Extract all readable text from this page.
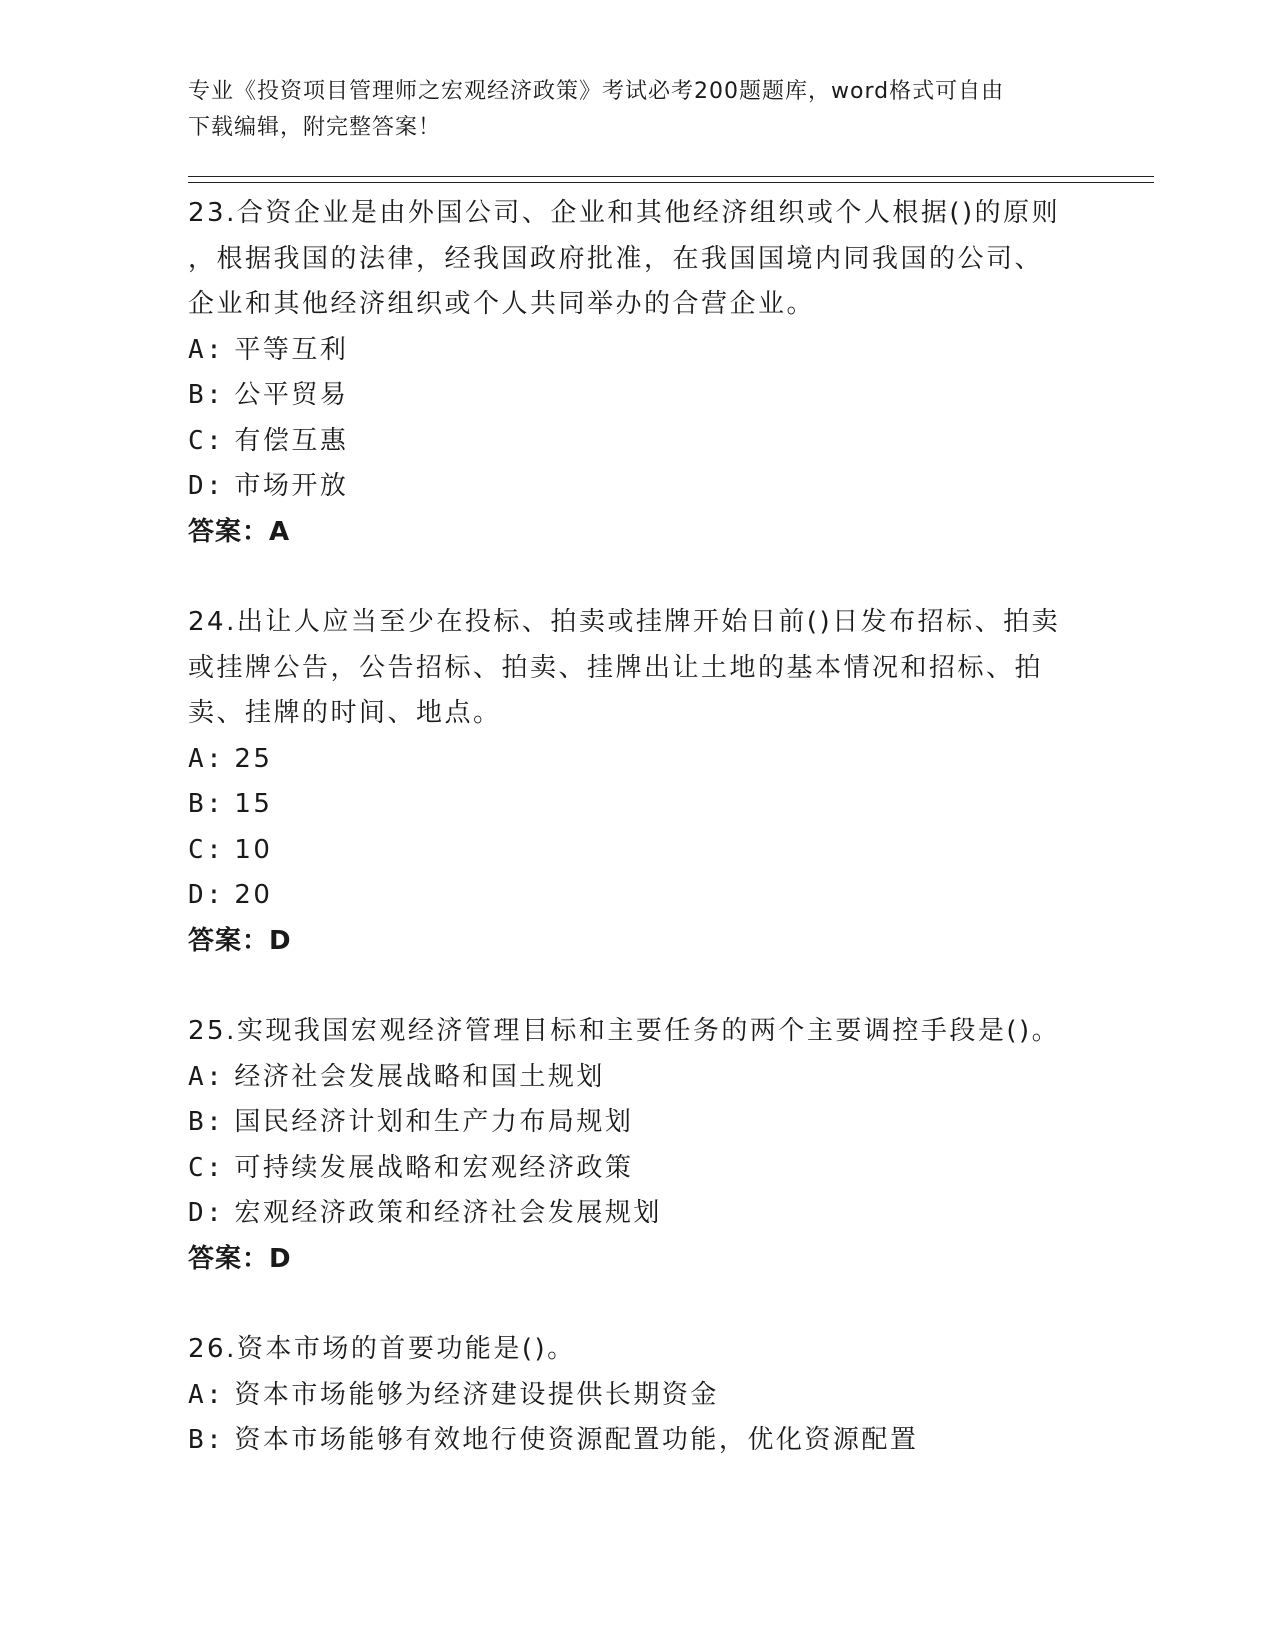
专业《投资项目管理师之宏观经济政策》考试必考200题题库，word格式可自由
下载编辑，附完整答案！

23.合资企业是由外国公司、企业和其他经济组织或个人根据()的原则

，根据我国的法律，经我国政府批准，在我国国境内同我国的公司、

企业和其他经济组织或个人共同举办的合营企业。

A: 平等互利

B: 公平贸易

C: 有偿互惠

D: 市场开放

答案：A

24.出让人应当至少在投标、拍卖或挂牌开始日前()日发布招标、拍卖

或挂牌公告，公告招标、拍卖、挂牌出让土地的基本情况和招标、拍

卖、挂牌的时间、地点。

A: 25

B: 15

C: 10

D: 20

答案：D

25.实现我国宏观经济管理目标和主要任务的两个主要调控手段是()。

A: 经济社会发展战略和国土规划

B: 国民经济计划和生产力布局规划

C: 可持续发展战略和宏观经济政策

D: 宏观经济政策和经济社会发展规划

答案：D

26.资本市场的首要功能是()。

A: 资本市场能够为经济建设提供长期资金

B: 资本市场能够有效地行使资源配置功能，优化资源配置
